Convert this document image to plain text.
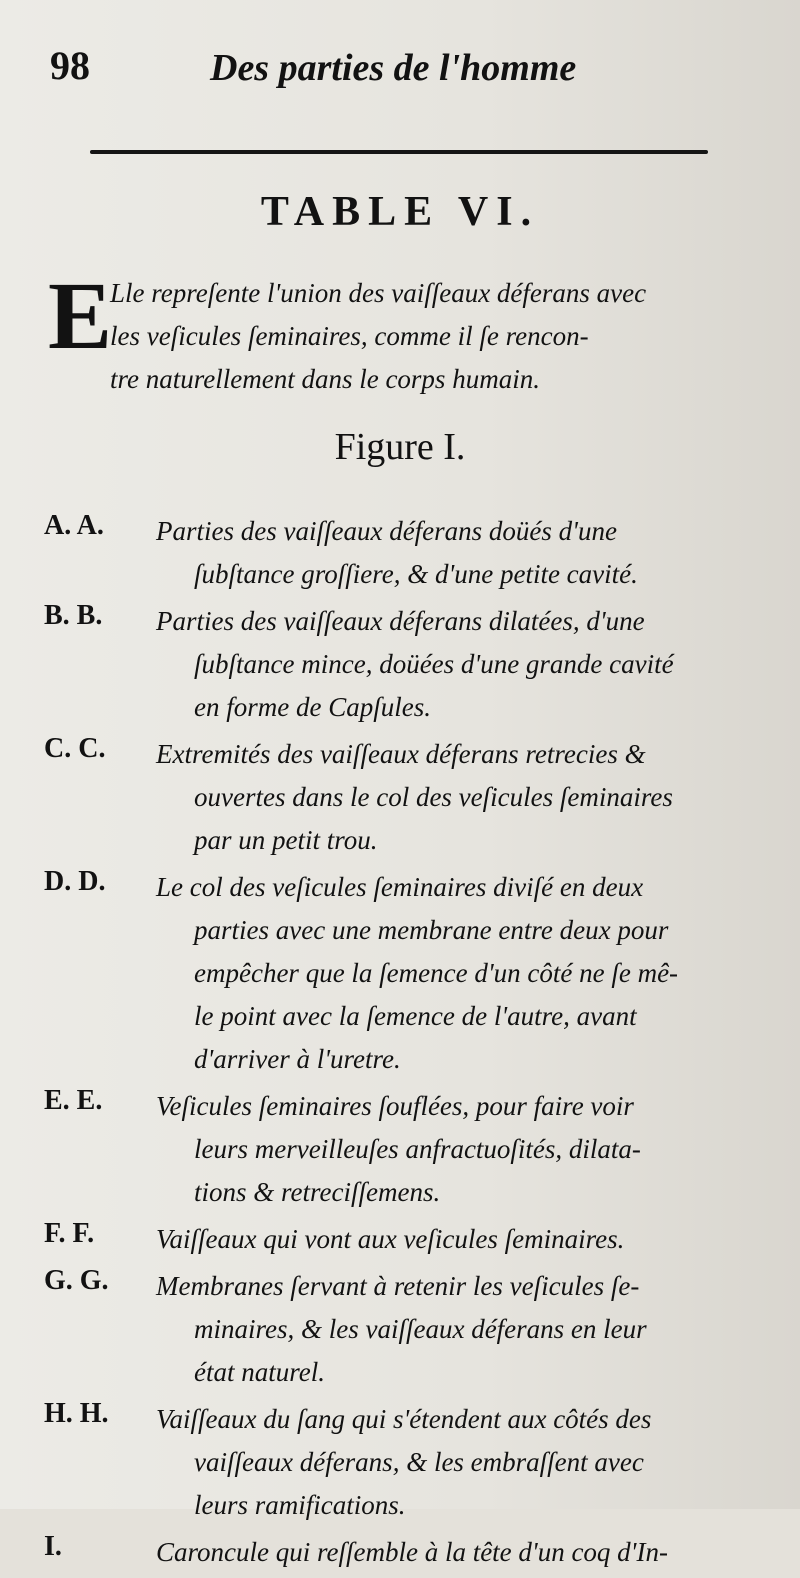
98	Des parties de l'homme
TABLE VI.
E
Lle repreſente l'union des vaiſſeaux déferans avec
les veſicules ſeminaires, comme il ſe rencon-
tre naturellement dans le corps humain.
Figure I.
A. A. Parties des vaiſſeaux déferans doüés d'une
ſubſtance groſſiere, & d'une petite cavité.
B. B. Parties des vaiſſeaux déferans dilatées, d'une
ſubſtance mince, doüées d'une grande cavité
en forme de Capſules.
C. C. Extremités des vaiſſeaux déferans retrecies &
ouvertes dans le col des veſicules ſeminaires
par un petit trou.
D. D. Le col des veſicules ſeminaires diviſé en deux
parties avec une membrane entre deux pour
empêcher que la ſemence d'un côté ne ſe mê-
le point avec la ſemence de l'autre, avant
d'arriver à l'uretre.
E. E. Veſicules ſeminaires ſouflées, pour faire voir
leurs merveilleuſes anfractuoſités, dilata-
tions & retreciſſemens.
F. F. Vaiſſeaux qui vont aux veſicules ſeminaires.
G. G. Membranes ſervant à retenir les veſicules ſe-
minaires, & les vaiſſeaux déferans en leur
état naturel.
H. H. Vaiſſeaux du ſang qui s'étendent aux côtés des
vaiſſeaux déferans, & les embraſſent avec
leurs ramifications.
I.	Caroncule qui reſſemble à la tête d'un coq d'In-
